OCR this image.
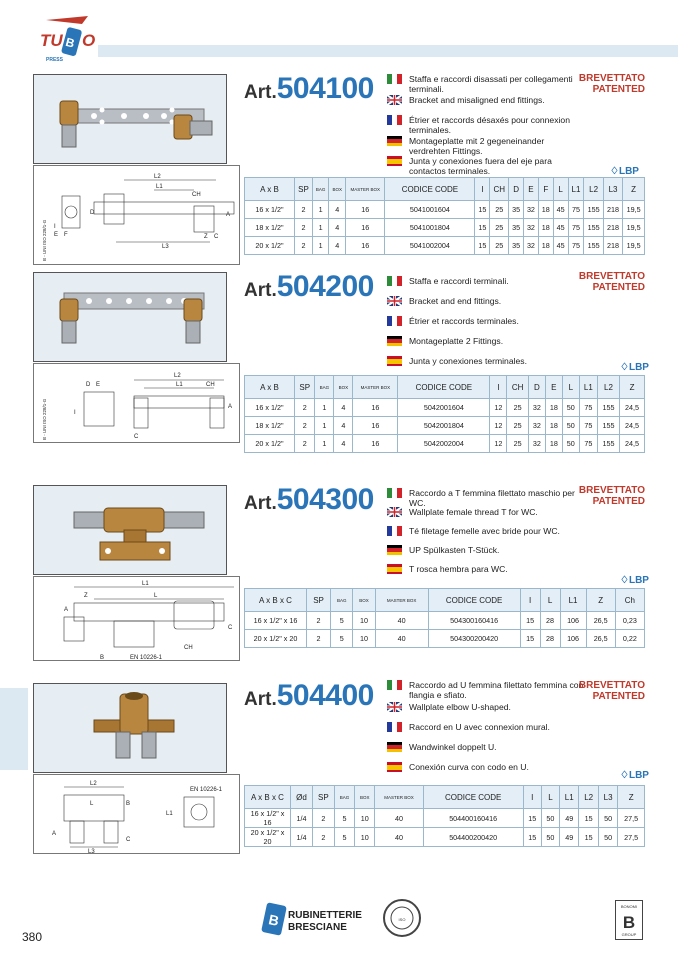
TU B O
PRESS
L2
L1
CH
D
E F
I
Z
A
L3
C
B - UNI ISO 228/1-G
Art.504100	Staffa e raccordi disassati per collegamenti terminali.
Bracket and misaligned end fittings.
Étrier et raccords désaxés pour connexion terminales.
Montageplatte mit 2 gegeneinander verdrehten Fittings.
Junta y conexiones fuera del eje para contactos terminales.
BREVETTATO
PATENTED
♢LBP
A x B	SP	BAG	BOX	MASTER BOX	CODICE CODE	I	CH	D	E	F	L	L1	L2	L3	Z
16 x 1/2"	2	1	4	16	5041001604	15	25	35	32	18	45	75	155	218	19,5
18 x 1/2"	2	1	4	16	5041001804	15	25	35	32	18	45	75	155	218	19,5
20 x 1/2"	2	1	4	16	5041002004	15	25	35	32	18	45	75	155	218	19,5
L2
L1	CH
D E
I
A
C
B - UNI ISO 228/1-G
Art.504200	Staffa e raccordi terminali.
Bracket and end fittings.
Étrier et raccords terminales.
Montageplatte 2 Fittings.
Junta y conexiones terminales.
BREVETTATO
PATENTED
♢LBP
A x B	SP	BAG	BOX	MASTER BOX	CODICE CODE	I	CH	D	E	L	L1	L2	Z
16 x 1/2"	2	1	4	16	5042001604	12	25	32	18	50	75	155	24,5
18 x 1/2"	2	1	4	16	5042001804	12	25	32	18	50	75	155	24,5
20 x 1/2"	2	1	4	16	5042002004	12	25	32	18	50	75	155	24,5
L1
L
Z
A
C
B
CH
EN 10226-1
Art.504300	Raccordo a T femmina filettato maschio per WC.
Wallplate female thread T for WC.
Té filetage femelle avec bride pour WC.
UP Spülkasten T-Stück.
T rosca hembra para WC.
BREVETTATO
PATENTED
♢LBP
A x B x C	SP	BAG	BOX	MASTER BOX	CODICE CODE	I	L	L1	Z	Ch
16 x 1/2" x 16	2	5	10	40	504300160416	15	28	106	26,5	0,23
20 x 1/2" x 20	2	5	10	40	504300200420	15	28	106	26,5	0,22
L2
L
L3
A
B
C
L1
EN 10226-1
Art.504400	Raccordo ad U femmina filettato femmina con flangia e sfiato.
Wallplate elbow U-shaped.
Raccord en U avec connexion mural.
Wandwinkel doppelt U.
Conexión curva con codo en U.
BREVETTATO
PATENTED
♢LBP
A x B x C	Ød	SP	BAG	BOX	MASTER BOX	CODICE CODE	I	L	L1	L2	L3	Z
16 x 1/2" x 16	1/4	2	5	10	40	504400160416	15	50	49	15	50	27,5
20 x 1/2" x 20	1/4	2	5	10	40	504400200420	15	50	49	15	50	27,5
B RUBINETTERIE
BRESCIANE
ISO
BONOMI
B
GROUP
380
